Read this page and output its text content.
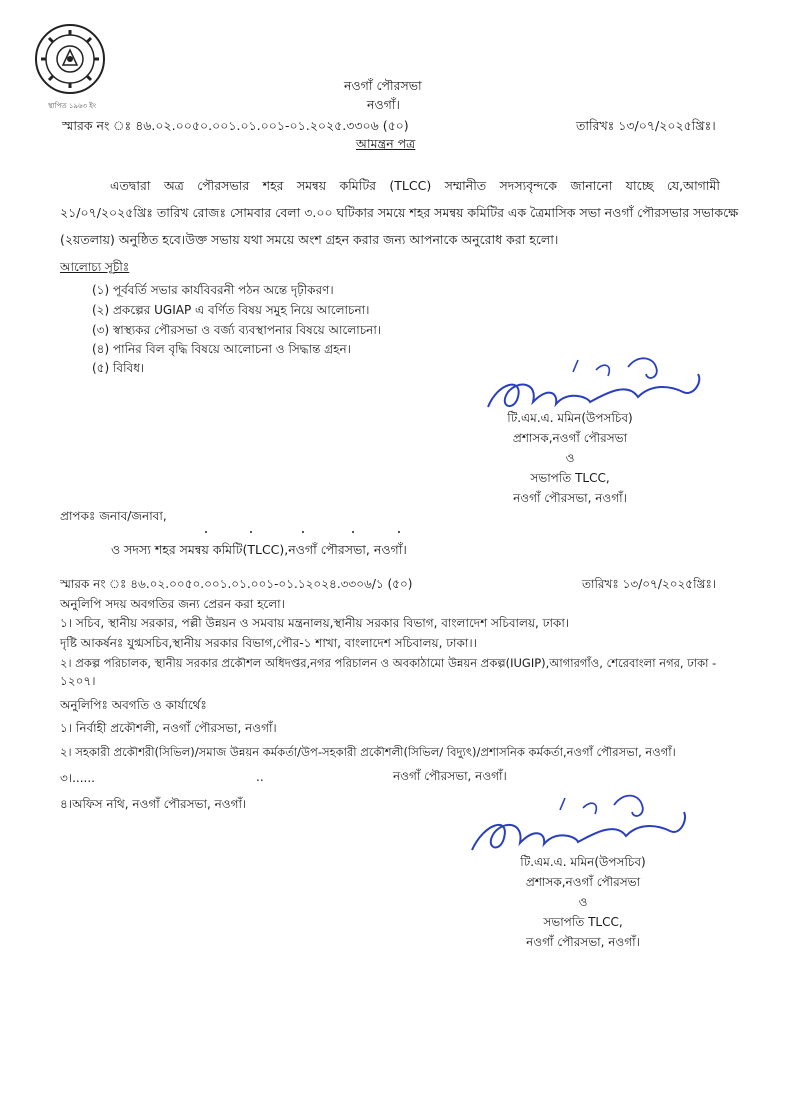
স্থাপিত ১৯৬৩ ইং
নওগাঁ পৌরসভা
নওগাঁ।
স্মারক নং ঃ ৪৬.০২.০০৫০.০০১.০১.০০১-০১.২০২৫.৩৩০৬ (৫০)	তারিখঃ ১৩/০৭/২০২৫খ্রিঃ।
আমন্ত্রন পত্র
এতদ্বারা অত্র পৌরসভার শহর সমন্বয় কমিটির (TLCC) সম্মানীত সদস্যবৃন্দকে জানানো যাচ্ছে যে,আগামী
২১/০৭/২০২৫খ্রিঃ তারিখ রোজঃ সোমবার বেলা ৩.০০ ঘটিকার সময়ে শহর সমন্বয় কমিটির এক ত্রৈমাসিক সভা নওগাঁ পৌরসভার সভাকক্ষে
(২য়তলায়) অনুষ্ঠিত হবে।উক্ত সভায় যথা সময়ে অংশ গ্রহন করার জন্য আপনাকে অনুরোধ করা হলো।
আলোচ্য সূচীঃ
(১) পূর্ববর্তি সভার কার্যবিবরনী পঠন অন্তে দৃঢ়ীকরণ।
(২) প্রকল্পের UGIAP এ বর্ণিত বিষয় সমুহ নিয়ে আলোচনা।
(৩) স্বাস্থ্যকর পৌরসভা ও বর্জ্য ব্যবস্থাপনার বিষয়ে আলোচনা।
(৪) পানির বিল বৃদ্ধি বিষয়ে আলোচনা ও সিদ্ধান্ত গ্রহন।
(৫) বিবিধ।
টি.এম.এ. মমিন(উপসচিব)
প্রশাসক,নওগাঁ পৌরসভা
ও
সভাপতি TLCC,
নওগাঁ পৌরসভা, নওগাঁ।
প্রাপকঃ জনাব/জনাবা,
ও সদস্য শহর সমন্বয় কমিটি(TLCC),নওগাঁ পৌরসভা, নওগাঁ।
স্মারক নং ঃ ৪৬.০২.০০৫০.০০১.০১.০০১-০১.১২০২৪.৩৩০৬/১ (৫০)	তারিখঃ ১৩/০৭/২০২৫খ্রিঃ।
অনুলিপি সদয় অবগতির জন্য প্রেরন করা হলো।
১। সচিব, স্থানীয় সরকার, পল্লী উন্নয়ন ও সমবায় মন্ত্রনালয়,স্থানীয় সরকার বিভাগ, বাংলাদেশ সচিবালয়, ঢাকা।
দৃষ্টি আকর্ষনঃ যুগ্মসচিব,স্থানীয় সরকার বিভাগ,পৌর-১ শাখা, বাংলাদেশ সচিবালয়, ঢাকা।।
২। প্রকল্প পরিচালক, স্থানীয় সরকার প্রকৌশল অধিদপ্তর,নগর পরিচালন ও অবকাঠামো উন্নয়ন প্রকল্প(IUGIP),আগারগাঁও, শেরেবাংলা নগর, ঢাকা -
১২০৭।
অনুলিপিঃ অবগতি ও কার্যার্থেঃ
১। নির্বাহী প্রকৌশলী, নওগাঁ পৌরসভা, নওগাঁ।
২। সহকারী প্রকৌশরী(সিভিল)/সমাজ উন্নয়ন কর্মকর্তা/উপ-সহকারী প্রকৌশলী(সিভিল/ বিদ্যুৎ)/প্রশাসনিক কর্মকর্তা,নওগাঁ পৌরসভা, নওগাঁ।
৩।......	..	নওগাঁ পৌরসভা, নওগাঁ।
৪।অফিস নথি, নওগাঁ পৌরসভা, নওগাঁ।
টি.এম.এ. মমিন(উপসচিব)
প্রশাসক,নওগাঁ পৌরসভা
ও
সভাপতি TLCC,
নওগাঁ পৌরসভা, নওগাঁ।
